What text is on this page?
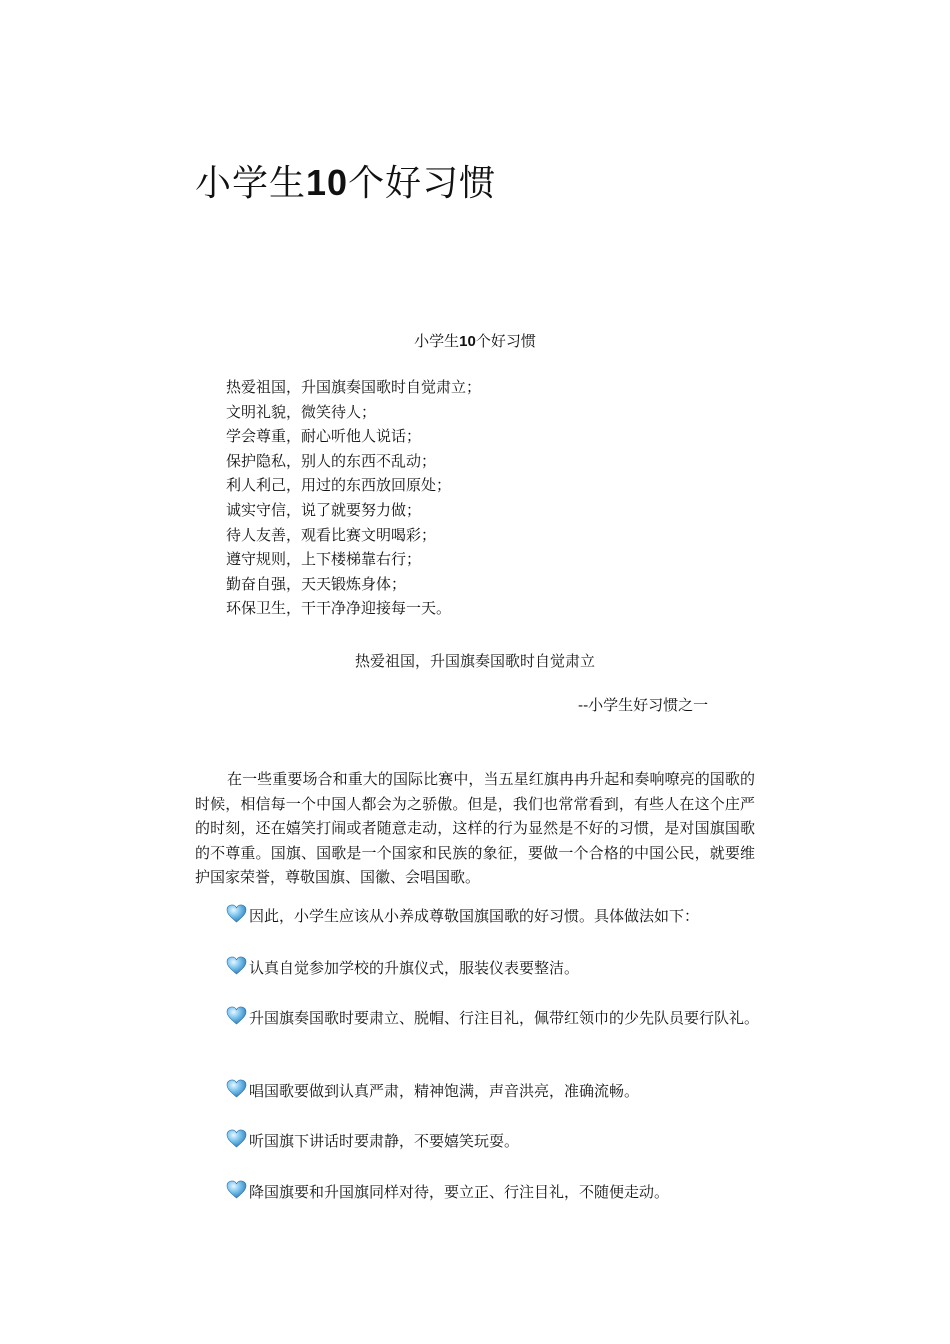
小学生10个好习惯
小学生10个好习惯
热爱祖国，升国旗奏国歌时自觉肃立；
文明礼貌，微笑待人；
学会尊重，耐心听他人说话；
保护隐私，别人的东西不乱动；
利人利己，用过的东西放回原处；
诚实守信，说了就要努力做；
待人友善，观看比赛文明喝彩；
遵守规则，上下楼梯靠右行；
勤奋自强，天天锻炼身体；
环保卫生，干干净净迎接每一天。
热爱祖国，升国旗奏国歌时自觉肃立
--小学生好习惯之一

在一些重要场合和重大的国际比赛中，当五星红旗冉冉升起和奏响嘹亮的国歌的时候，相信每一个中国人都会为之骄傲。但是，我们也常常看到，有些人在这个庄严的时刻，还在嬉笑打闹或者随意走动，这样的行为显然是不好的习惯，是对国旗国歌的不尊重。国旗、国歌是一个国家和民族的象征，要做一个合格的中国公民，就要维护国家荣誉，尊敬国旗、国徽、会唱国歌。

因此，小学生应该从小养成尊敬国旗国歌的好习惯。具体做法如下：

认真自觉参加学校的升旗仪式，服装仪表要整洁。

升国旗奏国歌时要肃立、脱帽、行注目礼，佩带红领巾的少先队员要行队礼。

唱国歌要做到认真严肃，精神饱满，声音洪亮，准确流畅。

听国旗下讲话时要肃静，不要嬉笑玩耍。

降国旗要和升国旗同样对待，要立正、行注目礼，不随便走动。
